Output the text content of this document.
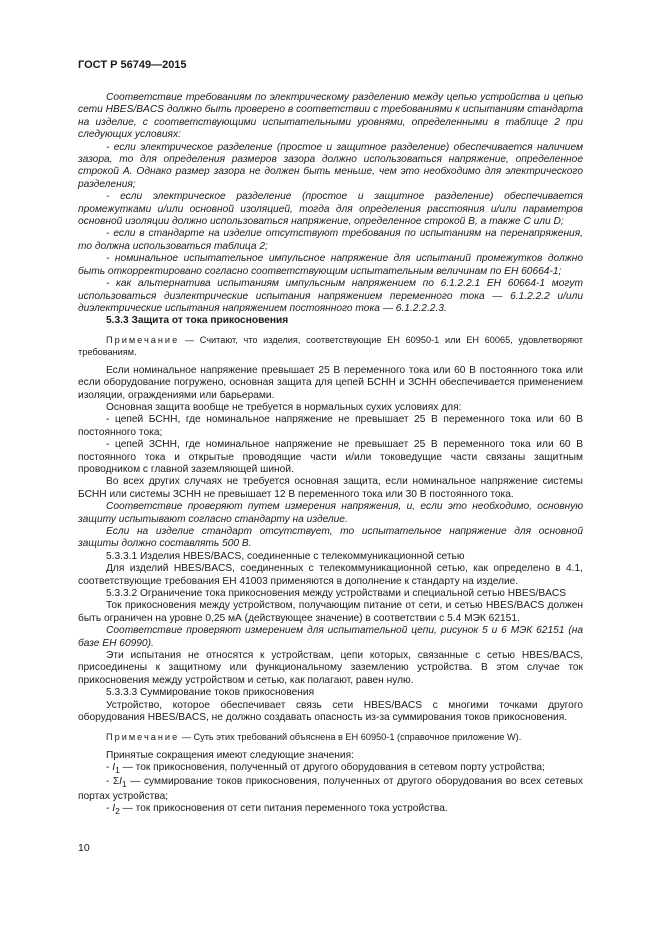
ГОСТ Р 56749—2015

Соответствие требованиям по электрическому разделению между цепью устройства и цепью сети HBES/BACS должно быть проверено в соответствии с требованиями к испытаниям стандарта на изделие, с соответствующими испытательными уровнями, определенными в таблице 2 при следующих условиях:

- если электрическое разделение (простое и защитное разделение) обеспечивается наличием зазора, то для определения размеров зазора должно использоваться напряжение, определенное строкой А. Однако размер зазора не должен быть меньше, чем это необходимо для электрического разделения;

- если электрическое разделение (простое и защитное разделение) обеспечивается промежутками и/или основной изоляцией, тогда для определения расстояния и/или параметров основной изоляции должно использоваться напряжение, определенное строкой В, а также С или D;

- если в стандарте на изделие отсутствуют требования по испытаниям на перенапряжения, то должна использоваться таблица 2;

- номинальное испытательное импульсное напряжение для испытаний промежутков должно быть откорректировано согласно соответствующим испытательным величинам по ЕН 60664-1;

- как альтернатива испытаниям импульсным напряжением по 6.1.2.2.1 ЕН 60664-1 могут использоваться диэлектрические испытания напряжением переменного тока — 6.1.2.2.2 и/или диэлектрические испытания напряжением постоянного тока — 6.1.2.2.2.3.

5.3.3 Защита от тока прикосновения

Примечание — Считают, что изделия, соответствующие ЕН 60950-1 или ЕН 60065, удовлетворяют требованиям.

Если номинальное напряжение превышает 25 В переменного тока или 60 В постоянного тока или если оборудование погружено, основная защита для цепей БСНН и ЗСНН обеспечивается применением изоляции, ограждениями или барьерами.

Основная защита вообще не требуется в нормальных сухих условиях для:

- цепей БСНН, где номинальное напряжение не превышает 25 В переменного тока или 60 В постоянного тока;

- цепей ЗСНН, где номинальное напряжение не превышает 25 В переменного тока или 60 В постоянного тока и открытые проводящие части и/или токоведущие части связаны защитным проводником с главной заземляющей шиной.

Во всех других случаях не требуется основная защита, если номинальное напряжение системы БСНН или системы ЗСНН не превышает 12 В переменного тока или 30 В постоянного тока.

Соответствие проверяют путем измерения напряжения, и, если это необходимо, основную защиту испытывают согласно стандарту на изделие.

Если на изделие стандарт отсутствует, то испытательное напряжение для основной защиты должно составлять 500 В.

5.3.3.1 Изделия HBES/BACS, соединенные с телекоммуникационной сетью

Для изделий HBES/BACS, соединенных с телекоммуникационной сетью, как определено в 4.1, соответствующие требования ЕН 41003 применяются в дополнение к стандарту на изделие.

5.3.3.2 Ограничение тока прикосновения между устройствами и специальной сетью HBES/BACS

Ток прикосновения между устройством, получающим питание от сети, и сетью HBES/BACS должен быть ограничен на уровне 0,25 мА (действующее значение) в соответствии с 5.4 МЭК 62151.

Соответствие проверяют измерением для испытательной цепи, рисунок 5 и 6 МЭК 62151 (на базе ЕН 60990).

Эти испытания не относятся к устройствам, цепи которых, связанные с сетью HBES/BACS, присоединены к защитному или функциональному заземлению устройства. В этом случае ток прикосновения между устройством и сетью, как полагают, равен нулю.

5.3.3.3 Суммирование токов прикосновения

Устройство, которое обеспечивает связь сети HBES/BACS с многими точками другого оборудования HBES/BACS, не должно создавать опасность из-за суммирования токов прикосновения.

Примечание — Суть этих требований объяснена в ЕН 60950-1 (справочное приложение W).

Принятые сокращения имеют следующие значения:

- $I_1$ — ток прикосновения, полученный от другого оборудования в сетевом порту устройства;

- $\Sigma I_1$ — суммирование токов прикосновения, полученных от другого оборудования во всех сетевых портах устройства;

- $I_2$ — ток прикосновения от сети питания переменного тока устройства.

10
